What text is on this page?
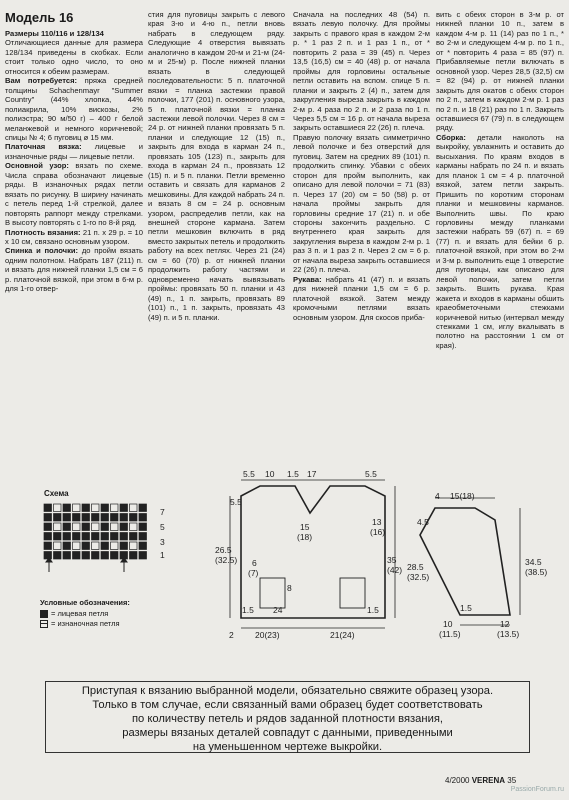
Модель 16

Размеры 110/116 и 128/134

Отличающиеся данные для размера 128/134 приведены в скобках. Если стоит только одно число, то оно относится к обеим размерам.

Вам потребуется: пряжа средней толщины Schachenmayr "Summer Country" (44% хлопка, 44% полиакрила, 10% вискозы, 2% полиэстра; 90 м/50 г) – 400 г белой меланжевой и немного коричневой; спицы № 4; 6 пуговиц ø 15 мм.

Платочная вязка: лицевые и изнаночные ряды — лицевые петли.

Основной узор: вязать по схеме. Числа справа обозначают лицевые ряды. В изнаночных рядах петли вязать по рисунку. В ширину начинать с петель перед 1-й стрелкой, далее повторять раппорт между стрелками. В высоту повторять с 1-го по 8-й ряд.

Плотность вязания: 21 п. x 29 р. = 10 x 10 см, связано основным узором.

Спинка и полочки: до пройм вязать одним полотном. Набрать 187 (211) п. и вязать для нижней планки 1,5 см = 6 р. платочной вязкой, при этом в 6-м р. для 1-го отвер-

стия для пуговицы закрыть с левого края 3-ю и 4-ю п., петли вновь набрать в следующем ряду. Следующие 4 отверстия вывязать аналогично в каждом 20-м и 21-м (24-м и 25-м) р. После нижней планки вязать в следующей последовательности: 5 п. платочной вязки = планка застежки правой полочки, 177 (201) п. основного узора, 5 п. платочной вязки = планка застежки левой полочки. Через 8 см = 24 р. от нижней планки провязать 5 п. планки и следующие 12 (15) п., закрыть для входа в карман 24 п., провязать 105 (123) п., закрыть для входа в карман 24 п., провязать 12 (15) п. и 5 п. планки. Петли временно оставить и связать для карманов 2 мешковины. Для каждой набрать 24 п. и вязать 8 см = 24 р. основным узором, распределив петли, как на внешней стороне кармана. Затем петли мешковин включить в ряд вместо закрытых петель и продолжить работу на всех петлях. Через 21 (24) см = 60 (70) р. от нижней планки продолжить работу частями и одновременно начать вывязывать проймы: провязать 50 п. планки и 43 (49) п., 1 п. закрыть, провязать 89 (101) п., 1 п. закрыть, провязать 43 (49) п. и 5 п. планки.

Сначала на последних 48 (54) п. вязать левую полочку. Для проймы закрыть с правого края в каждом 2-м р. * 1 раз 2 п. и 1 раз 1 п., от * повторить 2 раза = 39 (45) п. Через 13,5 (16,5) см = 40 (48) р. от начала проймы для горловины остальные петли оставить на вспом. спице 5 п. планки и закрыть 2 (4) п., затем для закругления выреза закрыть в каждом 2-м р. 4 раза по 2 п. и 2 раза по 1 п. Через 5,5 см = 16 р. от начала выреза закрыть оставшиеся 22 (26) п. плеча.

Правую полочку вязать симметрично левой полочке и без отверстий для пуговиц. Затем на средних 89 (101) п. продолжить спинку. Убавки с обеих сторон для пройм выполнить, как описано для левой полочки = 71 (83) п. Через 17 (20) см = 50 (58) р. от начала проймы закрыть для горловины средние 17 (21) п. и обе стороны закончить раздельно. С внутреннего края закрыть для закругления выреза в каждом 2-м р. 1 раз 3 п. и 1 раз 2 п. Через 2 см = 6 р. от начала выреза закрыть оставшиеся 22 (26) п. плеча.

Рукава: набрать 41 (47) п. и вязать для нижней планки 1,5 см = 6 р. платочной вязкой. Затем между кромочными петлями вязать основным узором. Для скосов приба-

вить с обеих сторон в 3-м р. от нижней планки 10 п., затем в каждом 4-м р. 11 (14) раз по 1 п., * во 2-м и следующем 4-м р. по 1 п., от * повторить 4 раза = 85 (97) п. Прибавляемые петли включать в основной узор. Через 28,5 (32,5) см = 82 (94) р. от нижней планки закрыть для окатов с обеих сторон по 2 п., затем в каждом 2-м р. 1 раз по 2 п. и 18 (21) раз по 1 п. Закрыть оставшиеся 67 (79) п. в следующем ряду.

Сборка: детали наколоть на выкройку, увлажнить и оставить до высыхания. По краям входов в карманы набрать по 24 п. и вязать для планок 1 см = 4 р. платочной вязкой, затем петли закрыть. Пришить по коротким сторонам планки и мешковины карманов. Выполнить швы. По краю горловины между планками застежки набрать 59 (67) п. = 69 (77) п. и вязать для бейки 6 р. платочной вязкой, при этом во 2-м и 3-м р. выполнить еще 1 отверстие для пуговицы, как описано для левой полочки, затем петли закрыть. Вшить рукава. Края жакета и входов в карманы обшить краеобметочными стежками коричневой нитью (интервал между стежками 1 см, иглу вкалывать в полотно на расстоянии 1 см от края).

Схема
7
5
3
1
Условные обозначения:
= лицевая петля
= изнаночная петля
5.5 10 1.5 17	5.5
5.5
26.5
(32.5)
15
(18)
13
(16)
35
(42)
6
(7)
8
24
1.5	1.5
2	20(23)	21(24)
4 15(18)
4.5
28.5
(32.5)
34.5
(38.5)
1.5
10
(11.5)
12
(13.5)
Приступая к вязанию выбранной модели, обязательно свяжите образец узора.
Только в том случае, если связанный вами образец будет соответствовать
по количеству петель и рядов заданной плотности вязания,
размеры вязаных деталей совпадут с данными, приведенными
на уменьшенном чертеже выкройки.
4/2000 VERENA 35
PassionForum.ru
